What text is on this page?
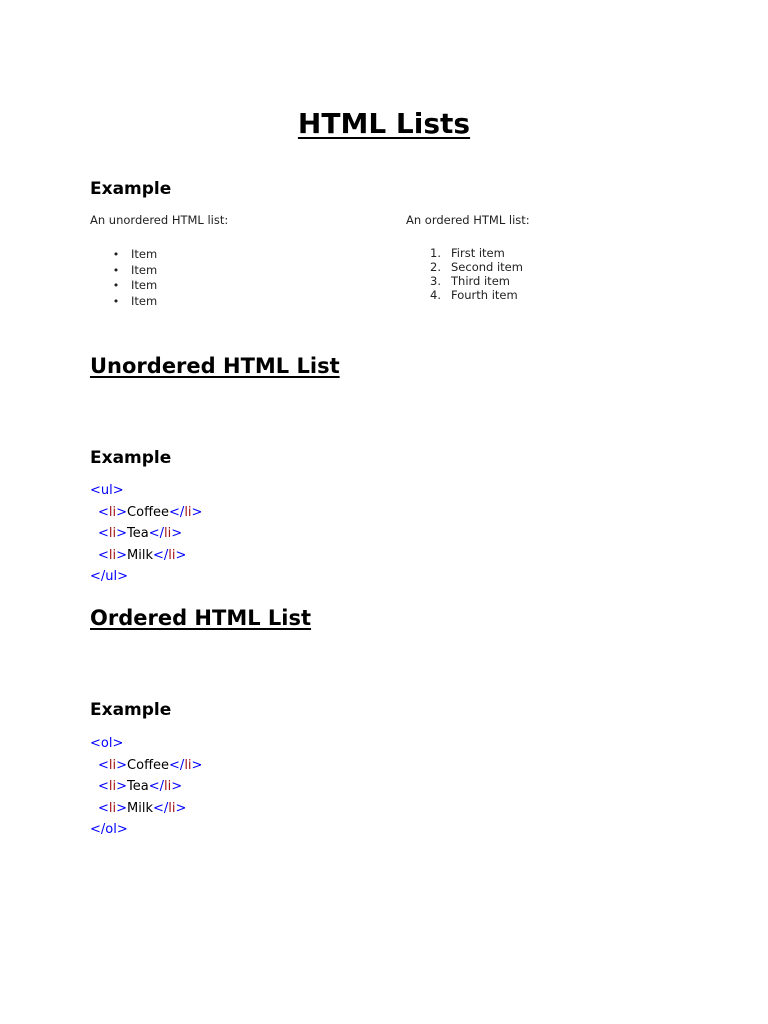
HTML Lists
Example

An unordered HTML list:	An ordered HTML list:

• Item
• Item
• Item
• Item
1. First item
2. Second item
3. Third item
4. Fourth item
Unordered HTML List
Example
<ul>
<li>Coffee</li>
<li>Tea</li>
<li>Milk</li>
</ul>
Ordered HTML List
Example
<ol>
<li>Coffee</li>
<li>Tea</li>
<li>Milk</li>
</ol>
